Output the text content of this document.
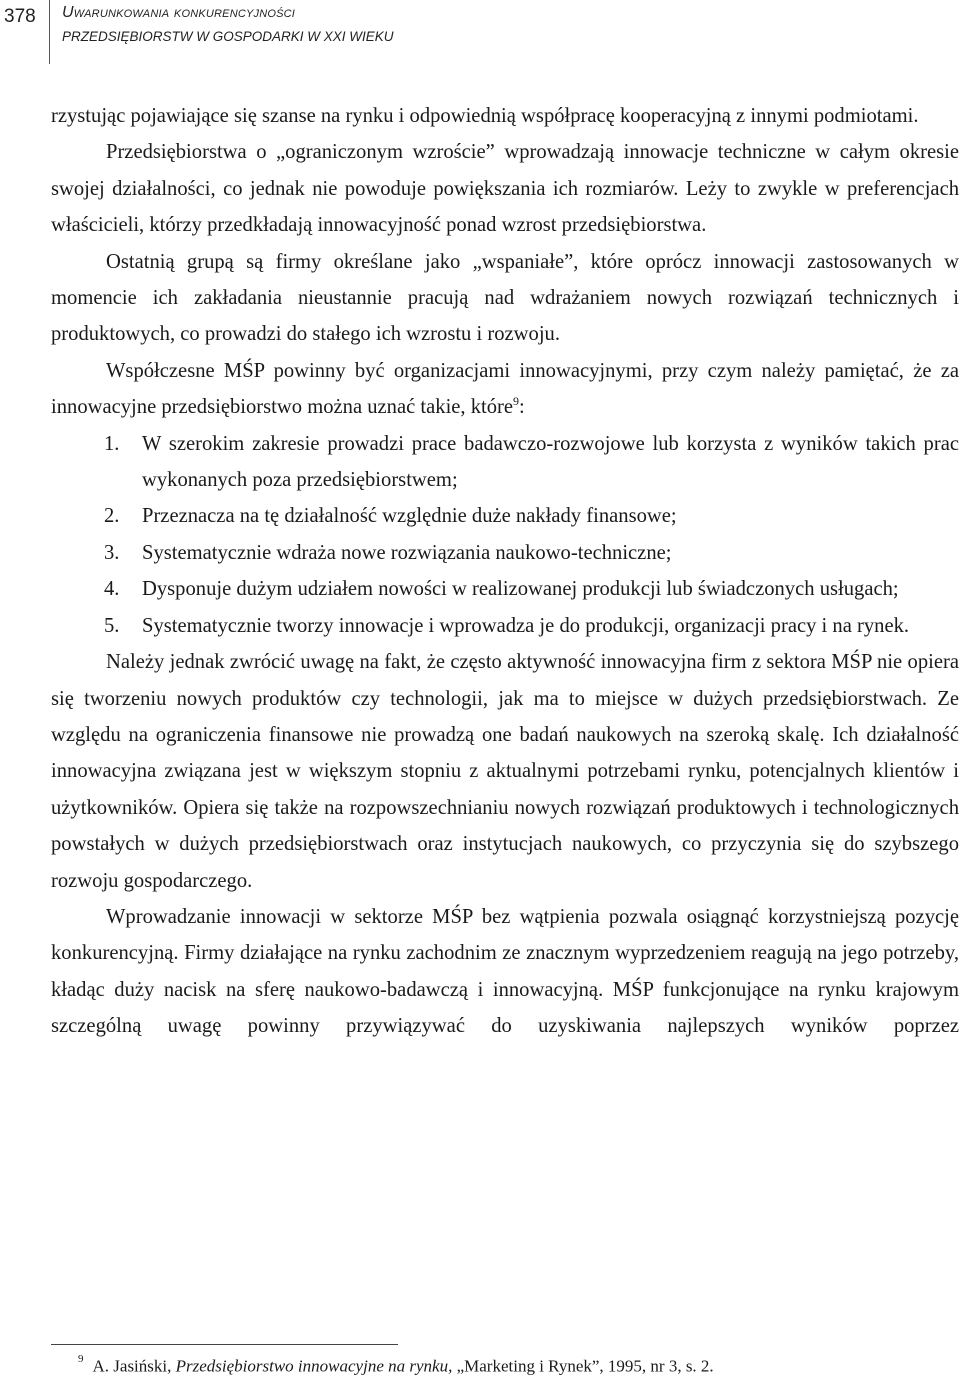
378 Uwarunkowania konkurencyjności
PRZEDSIĘBIORSTW W GOSPODARKI W XXI WIEKU

rzystując pojawiające się szanse na rynku i odpowiednią współpracę kooperacyjną z innymi podmiotami.

Przedsiębiorstwa o „ograniczonym wzroście” wprowadzają innowacje techniczne w całym okresie swojej działalności, co jednak nie powoduje powiększania ich rozmiarów. Leży to zwykle w preferencjach właścicieli, którzy przedkładają innowacyjność ponad wzrost przedsiębiorstwa.

Ostatnią grupą są firmy określane jako „wspaniałe”, które oprócz innowacji zastosowanych w momencie ich zakładania nieustannie pracują nad wdrażaniem nowych rozwiązań technicznych i produktowych, co prowadzi do stałego ich wzrostu i rozwoju.

Współczesne MŚP powinny być organizacjami innowacyjnymi, przy czym należy pamiętać, że za innowacyjne przedsiębiorstwo można uznać takie, które$^9$:

1. W szerokim zakresie prowadzi prace badawczo-rozwojowe lub korzysta z wyników takich prac wykonanych poza przedsiębiorstwem;
2. Przeznacza na tę działalność względnie duże nakłady finansowe;
3. Systematycznie wdraża nowe rozwiązania naukowo-techniczne;
4. Dysponuje dużym udziałem nowości w realizowanej produkcji lub świadczonych usługach;
5. Systematycznie tworzy innowacje i wprowadza je do produkcji, organizacji pracy i na rynek.

Należy jednak zwrócić uwagę na fakt, że często aktywność innowacyjna firm z sektora MŚP nie opiera się tworzeniu nowych produktów czy technologii, jak ma to miejsce w dużych przedsiębiorstwach. Ze względu na ograniczenia finansowe nie prowadzą one badań naukowych na szeroką skalę. Ich działalność innowacyjna związana jest w większym stopniu z aktualnymi potrzebami rynku, potencjalnych klientów i użytkowników. Opiera się także na rozpowszechnianiu nowych rozwiązań produktowych i technologicznych powstałych w dużych przedsiębiorstwach oraz instytucjach naukowych, co przyczynia się do szybszego rozwoju gospodarczego.

Wprowadzanie innowacji w sektorze MŚP bez wątpienia pozwala osiągnąć korzystniejszą pozycję konkurencyjną. Firmy działające na rynku zachodnim ze znacznym wyprzedzeniem reagują na jego potrzeby, kładąc duży nacisk na sferę naukowo-badawczą i innowacyjną. MŚP funkcjonujące na rynku krajowym szczególną uwagę powinny przywiązywać do uzyskiwania najlepszych wyników poprzez

$^9$ A. Jasiński, Przedsiębiorstwo innowacyjne na rynku, „Marketing i Rynek”, 1995, nr 3, s. 2.
